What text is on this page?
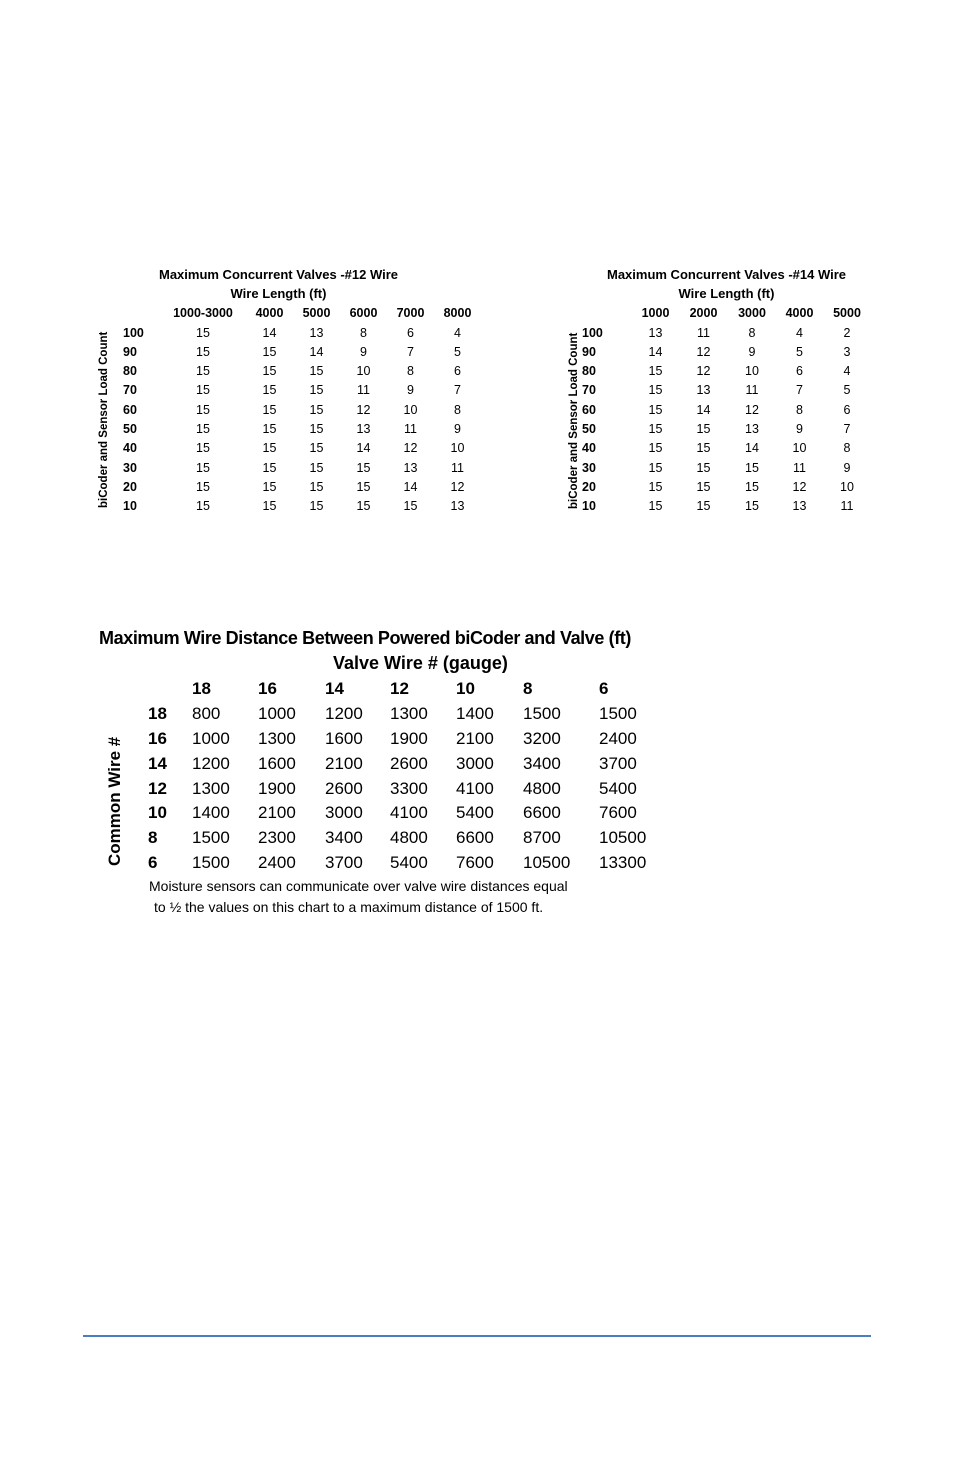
biCoder and Sensor Load Count
Maximum Concurrent Valves -#12 Wire						
Wire Length (ft)						
	1000-3000	4000	5000	6000	7000	8000
100	15	14	13	8	6	4
90	15	15	14	9	7	5
80	15	15	15	10	8	6
70	15	15	15	11	9	7
60	15	15	15	12	10	8
50	15	15	15	13	11	9
40	15	15	15	14	12	10
30	15	15	15	15	13	11
20	15	15	15	15	14	12
10	15	15	15	15	15	13	biCoder and Sensor Load Count
Maximum Concurrent Valves -#14 Wire					
Wire Length (ft)					
	1000	2000	3000	4000	5000
100	13	11	8	4	2
90	14	12	9	5	3
80	15	12	10	6	4
70	15	13	11	7	5
60	15	14	12	8	6
50	15	15	13	9	7
40	15	15	14	10	8
30	15	15	15	11	9
20	15	15	15	12	10
10	15	15	15	13	11
Maximum Wire Distance Between Powered biCoder and Valve (ft)
Valve Wire # (gauge)
Common Wire #
	18	16	14	12	10	8	6
18	800	1000	1200	1300	1400	1500	1500
16	1000	1300	1600	1900	2100	3200	2400
14	1200	1600	2100	2600	3000	3400	3700
12	1300	1900	2600	3300	4100	4800	5400
10	1400	2100	3000	4100	5400	6600	7600
8	1500	2300	3400	4800	6600	8700	10500
6	1500	2400	3700	5400	7600	10500	13300
Moisture sensors can communicate over valve wire distances equal
to ½ the values on this chart to a maximum distance of 1500 ft.
